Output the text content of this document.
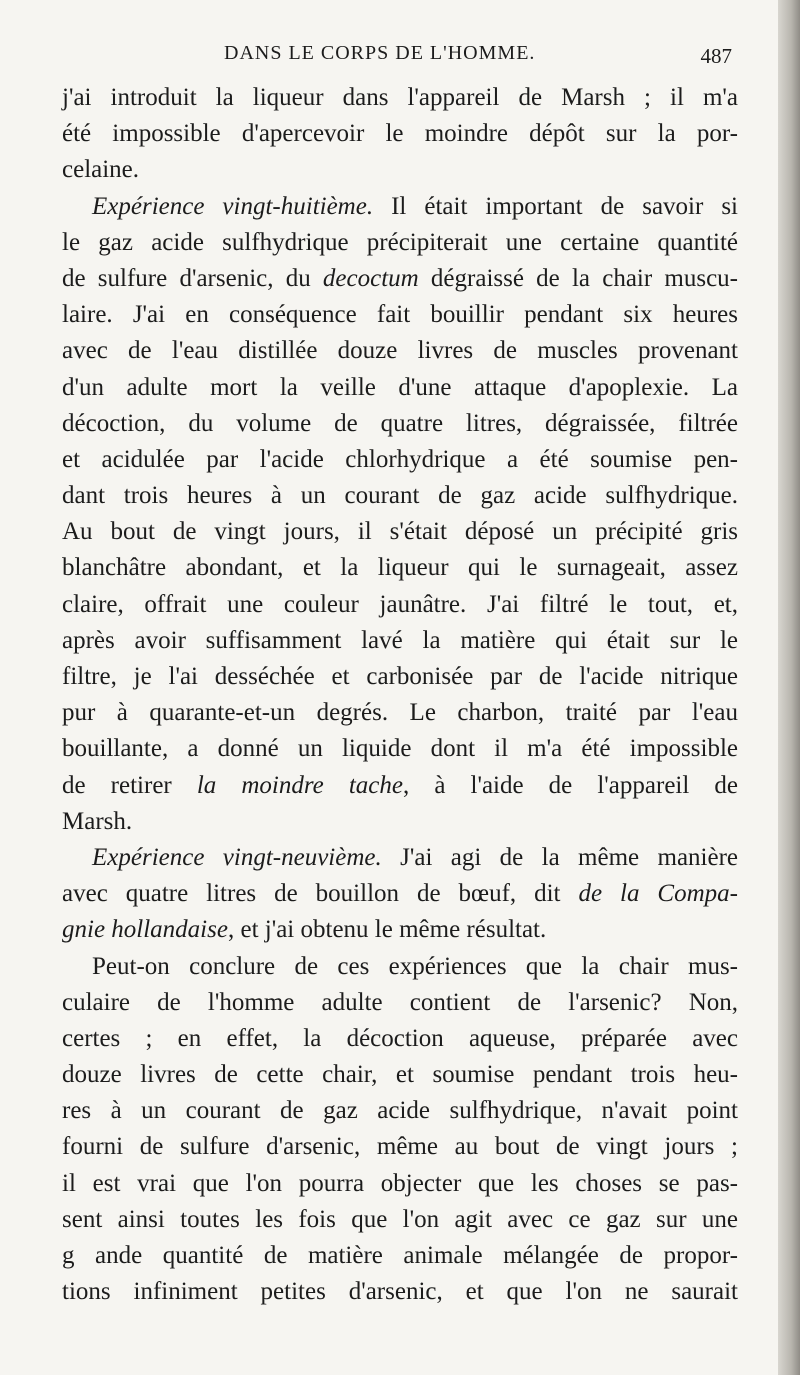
DANS LE CORPS DE L'HOMME.	487
j'ai introduit la liqueur dans l'appareil de Marsh ; il m'a
été impossible d'apercevoir le moindre dépôt sur la por-
celaine.
Expérience vingt-huitième. Il était important de savoir si
le gaz acide sulfhydrique précipiterait une certaine quantité
de sulfure d'arsenic, du decoctum dégraissé de la chair muscu-
laire. J'ai en conséquence fait bouillir pendant six heures
avec de l'eau distillée douze livres de muscles provenant
d'un adulte mort la veille d'une attaque d'apoplexie. La
décoction, du volume de quatre litres, dégraissée, filtrée
et acidulée par l'acide chlorhydrique a été soumise pen-
dant trois heures à un courant de gaz acide sulfhydrique.
Au bout de vingt jours, il s'était déposé un précipité gris
blanchâtre abondant, et la liqueur qui le surnageait, assez
claire, offrait une couleur jaunâtre. J'ai filtré le tout, et,
après avoir suffisamment lavé la matière qui était sur le
filtre, je l'ai desséchée et carbonisée par de l'acide nitrique
pur à quarante-et-un degrés. Le charbon, traité par l'eau
bouillante, a donné un liquide dont il m'a été impossible
de retirer la moindre tache, à l'aide de l'appareil de
Marsh.
Expérience vingt-neuvième. J'ai agi de la même manière
avec quatre litres de bouillon de bœuf, dit de la Compa-
gnie hollandaise, et j'ai obtenu le même résultat.
Peut-on conclure de ces expériences que la chair mus-
culaire de l'homme adulte contient de l'arsenic? Non,
certes ; en effet, la décoction aqueuse, préparée avec
douze livres de cette chair, et soumise pendant trois heu-
res à un courant de gaz acide sulfhydrique, n'avait point
fourni de sulfure d'arsenic, même au bout de vingt jours ;
il est vrai que l'on pourra objecter que les choses se pas-
sent ainsi toutes les fois que l'on agit avec ce gaz sur une
g ande quantité de matière animale mélangée de propor-
tions infiniment petites d'arsenic, et que l'on ne saurait
